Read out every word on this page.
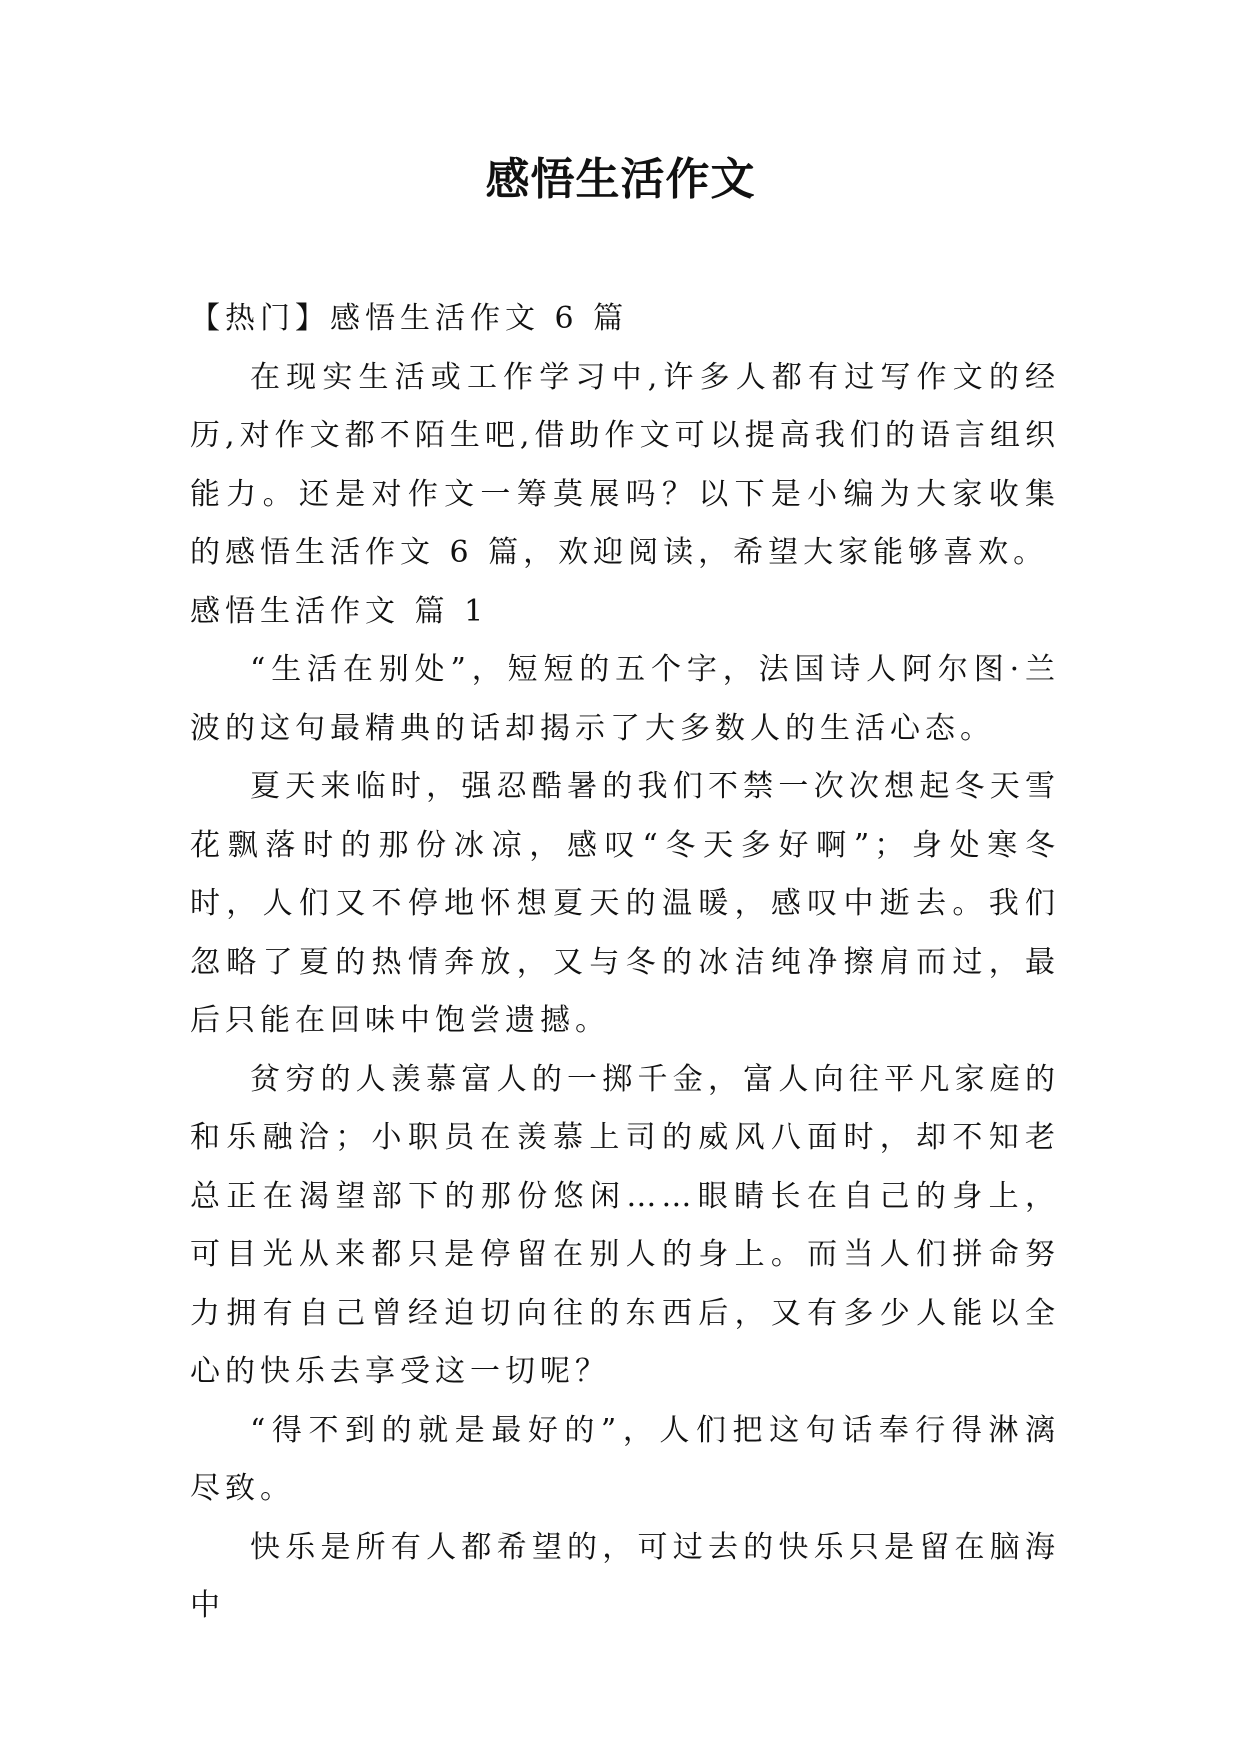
感悟生活作文

【热门】感悟生活作文 6 篇

在现实生活或工作学习中,许多人都有过写作文的经历,对作文都不陌生吧,借助作文可以提高我们的语言组织能力。还是对作文一筹莫展吗？以下是小编为大家收集的感悟生活作文 6 篇，欢迎阅读，希望大家能够喜欢。

感悟生活作文 篇 1

“生活在别处”，短短的五个字，法国诗人阿尔图·兰波的这句最精典的话却揭示了大多数人的生活心态。

夏天来临时，强忍酷暑的我们不禁一次次想起冬天雪花飘落时的那份冰凉，感叹“冬天多好啊”；身处寒冬时，人们又不停地怀想夏天的温暖，感叹中逝去。我们忽略了夏的热情奔放，又与冬的冰洁纯净擦肩而过，最后只能在回味中饱尝遗撼。

贫穷的人羡慕富人的一掷千金，富人向往平凡家庭的和乐融洽；小职员在羡慕上司的威风八面时，却不知老总正在渴望部下的那份悠闲……眼睛长在自己的身上，可目光从来都只是停留在别人的身上。而当人们拼命努力拥有自己曾经迫切向往的东西后，又有多少人能以全心的快乐去享受这一切呢？

“得不到的就是最好的”，人们把这句话奉行得淋漓尽致。

快乐是所有人都希望的，可过去的快乐只是留在脑海中
